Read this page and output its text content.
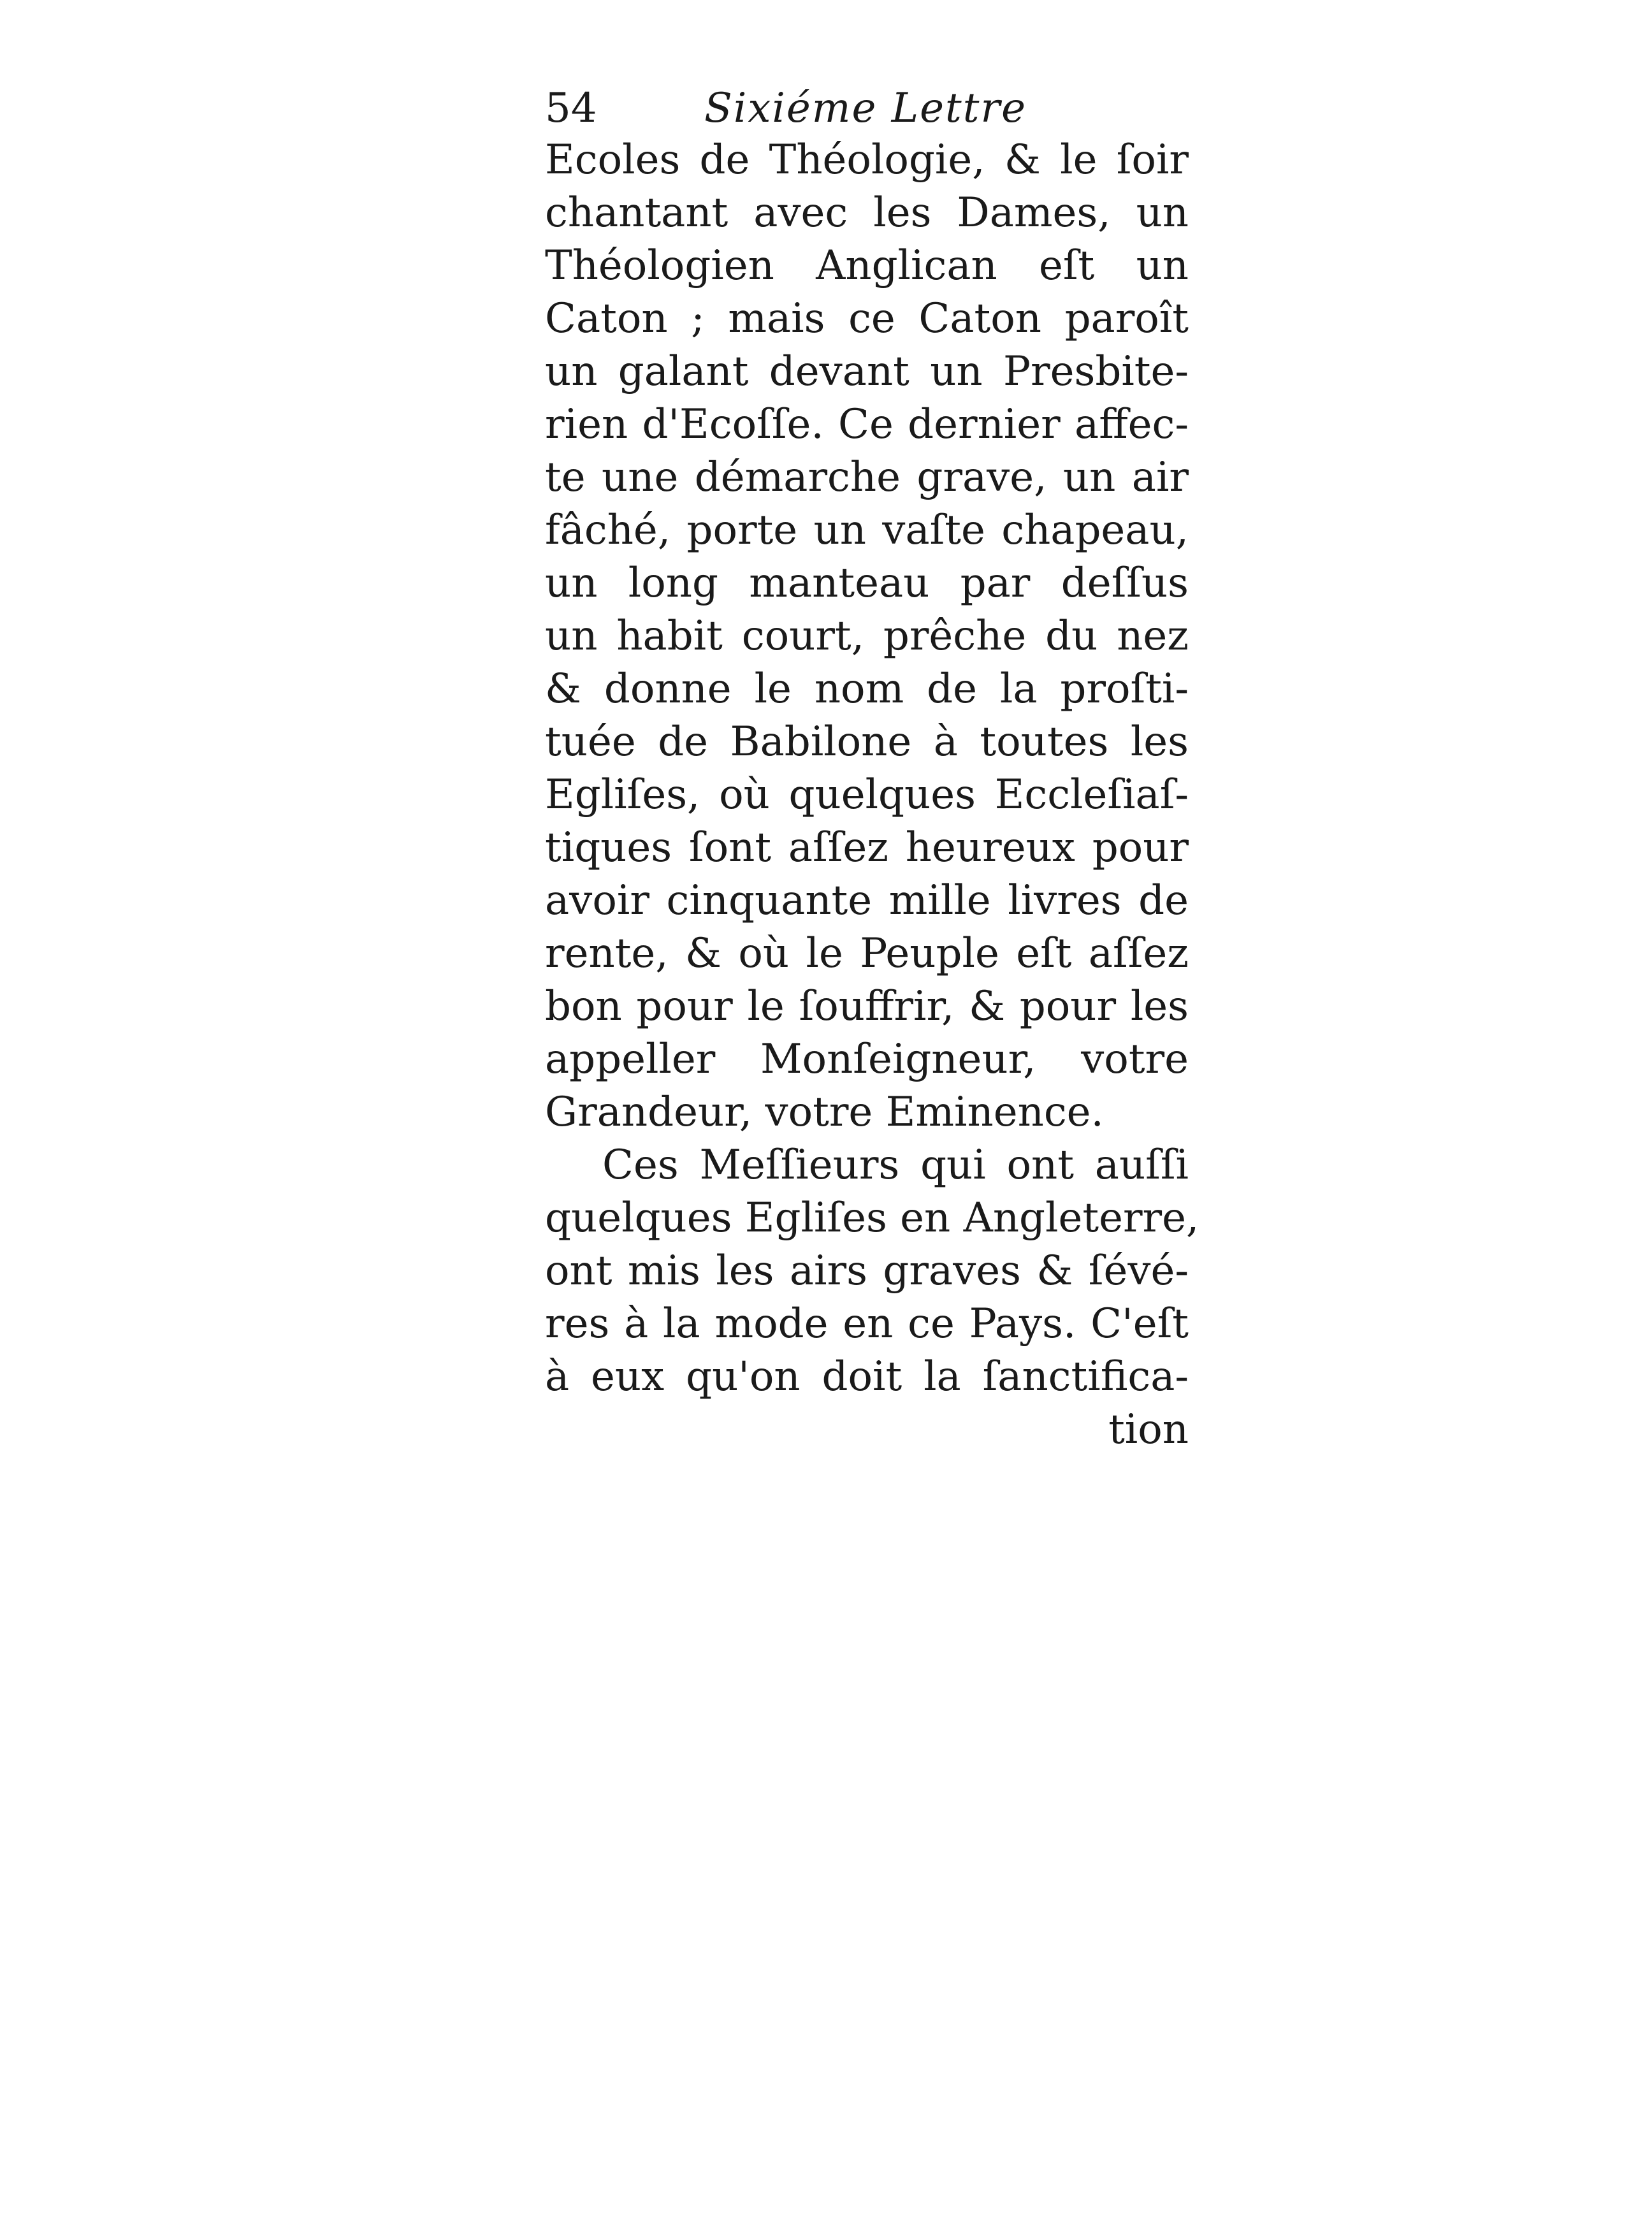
54	Sixiéme Lettre
Ecoles de Théologie, & le ſoir
chantant avec les Dames, un
Théologien Anglican eſt un
Caton ; mais ce Caton paroît
un galant devant un Presbite-
rien d'Ecoſſe. Ce dernier affec-
te une démarche grave, un air
fâché, porte un vaſte chapeau,
un long manteau par deſſus
un habit court, prêche du nez
& donne le nom de la proſti-
tuée de Babilone à toutes les
Egliſes, où quelques Eccleſiaſ-
tiques ſont aſſez heureux pour
avoir cinquante mille livres de
rente, & où le Peuple eſt aſſez
bon pour le ſouffrir, & pour les
appeller Monſeigneur, votre
Grandeur, votre Eminence.
Ces Meſſieurs qui ont auſſi
quelques Egliſes en Angleterre,
ont mis les airs graves & ſévé-
res à la mode en ce Pays. C'eſt
à eux qu'on doit la ſanctifica-
tion
